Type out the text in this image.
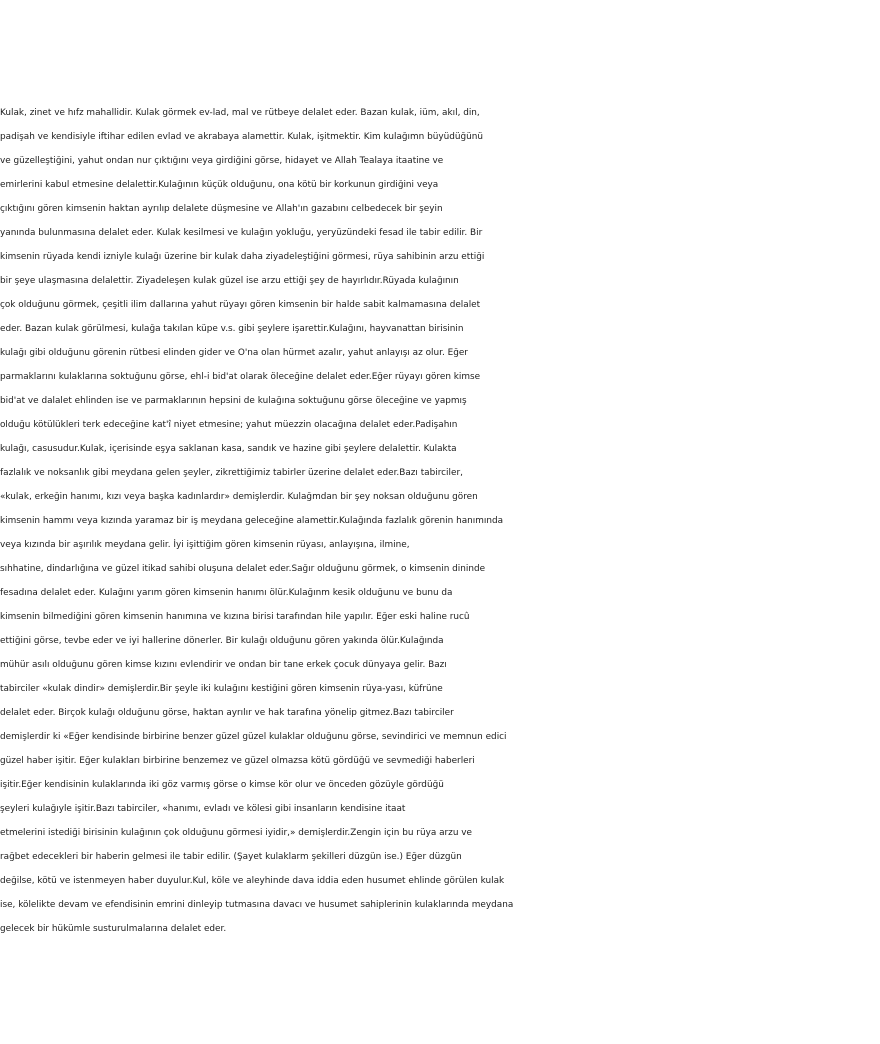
Kulak, zinet ve hıfz mahallidir. Kulak görmek ev-lad, mal ve rütbeye delalet eder. Bazan kulak, iüm, akıl, din,
padişah ve kendisiyle iftihar edilen evlad ve akrabaya alamettir. Kulak, işitmektir. Kim kulağımn büyüdüğünü
ve güzelleştiğini, yahut ondan nur çıktığını veya girdiğini görse, hidayet ve Allah Tealaya itaatine ve
emirlerini kabul etmesine delalettir.Kulağının küçük olduğunu, ona kötü bir korkunun girdiğini veya
çıktığını gören kimsenin haktan ayrılıp delalete düşmesine ve Allah'ın gazabını celbedecek bir şeyin
yanında bulunmasına delalet eder. Kulak kesilmesi ve kulağın yokluğu, yeryüzündeki fesad ile tabir edilir. Bir
kimsenin rüyada kendi izniyle kulağı üzerine bir kulak daha ziyadeleştiğini görmesi, rüya sahibinin arzu ettiği
bir şeye ulaşmasına delalettir. Ziyadeleşen kulak güzel ise arzu ettiği şey de hayırlıdır.Rüyada kulağının
çok olduğunu görmek, çeşitli ilim dallarına yahut rüyayı gören kimsenin bir halde sabit kalmamasına delalet
eder. Bazan kulak görülmesi, kulağa takılan küpe v.s. gibi şeylere işarettir.Kulağını, hayvanattan birisinin
kulağı gibi olduğunu görenin rütbesi elinden gider ve O'na olan hürmet azalır, yahut anlayışı az olur. Eğer
parmaklarını kulaklarına soktuğunu görse, ehl-i bid'at olarak öleceğine delalet eder.Eğer rüyayı gören kimse
bid'at ve dalalet ehlinden ise ve parmaklarının hepsini de kulağına soktuğunu görse öleceğine ve yapmış
olduğu kötülükleri terk edeceğine kat'î niyet etmesine; yahut müezzin olacağına delalet eder.Padişahın
kulağı, casusudur.Kulak, içerisinde eşya saklanan kasa, sandık ve hazine gibi şeylere delalettir. Kulakta
fazlalık ve noksanlık gibi meydana gelen şeyler, zikrettiğimiz tabirler üzerine delalet eder.Bazı tabirciler,
«kulak, erkeğin hanımı, kızı veya başka kadınlardır» demişlerdir. Kulağmdan bir şey noksan olduğunu gören
kimsenin hammı veya kızında yaramaz bir iş meydana geleceğine alamettir.Kulağında fazlalık görenin hanımında
veya kızında bir aşırılık meydana gelir. İyi işittiğim gören kimsenin rüyası, anlayışına, ilmine,
sıhhatine, dindarlığına ve güzel itikad sahibi oluşuna delalet eder.Sağır olduğunu görmek, o kimsenin dininde
fesadına delalet eder. Kulağını yarım gören kimsenin hanımı ölür.Kulağınm kesik olduğunu ve bunu da
kimsenin bilmediğini gören kimsenin hanımına ve kızına birisi tarafından hile yapılır. Eğer eski haline rucû
ettiğini görse, tevbe eder ve iyi hallerine dönerler. Bir kulağı olduğunu gören yakında ölür.Kulağında
mühür asılı olduğunu gören kimse kızını evlendirir ve ondan bir tane erkek çocuk dünyaya gelir. Bazı
tabirciler «kulak dindir» demişlerdir.Bir şeyle iki kulağını kestiğini gören kimsenin rüya-yası, küfrüne
delalet eder. Birçok kulağı olduğunu görse, haktan ayrılır ve hak tarafına yönelip gitmez.Bazı tabirciler
demişlerdir ki «Eğer kendisinde birbirine benzer güzel güzel kulaklar olduğunu görse, sevindirici ve memnun edici
güzel haber işitir. Eğer kulakları birbirine benzemez ve güzel olmazsa kötü gördüğü ve sevmediği haberleri
işitir.Eğer kendisinin kulaklarında iki göz varmış görse o kimse kör olur ve önceden gözüyle gördüğü
şeyleri kulağıyle işitir.Bazı tabirciler, «hanımı, evladı ve kölesi gibi insanların kendisine itaat
etmelerini istediği birisinin kulağının çok olduğunu görmesi iyidir,» demişlerdir.Zengin için bu rüya arzu ve
rağbet edecekleri bir haberin gelmesi ile tabir edilir. (Şayet kulaklarm şekilleri düzgün ise.) Eğer düzgün
değilse, kötü ve istenmeyen haber duyulur.Kul, köle ve aleyhinde dava iddia eden husumet ehlinde görülen kulak
ise, kölelikte devam ve efendisinin emrini dinleyip tutmasına davacı ve husumet sahiplerinin kulaklarında meydana
gelecek bir hükümle susturulmalarına delalet eder.
